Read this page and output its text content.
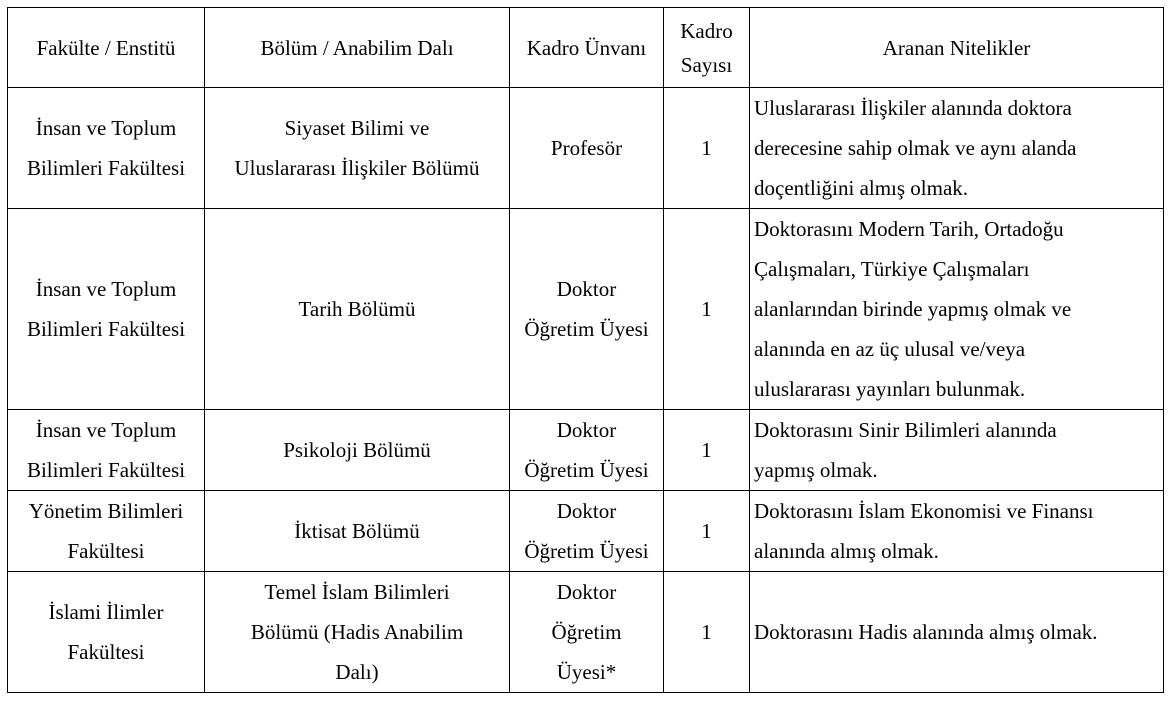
Fakülte / Enstitü	Bölüm / Anabilim Dalı	Kadro Ünvanı	Kadro
Sayısı	Aranan Nitelikler

İnsan ve Toplum
Bilimleri Fakültesi	Siyaset Bilimi ve
Uluslararası İlişkiler Bölümü	Profesör	1	Uluslararası İlişkiler alanında doktora
derecesine sahip olmak ve aynı alanda
doçentliğini almış olmak.

İnsan ve Toplum
Bilimleri Fakültesi	Tarih Bölümü	Doktor
Öğretim Üyesi	1	Doktorasını Modern Tarih, Ortadoğu
Çalışmaları, Türkiye Çalışmaları
alanlarından birinde yapmış olmak ve
alanında en az üç ulusal ve/veya
uluslararası yayınları bulunmak.

İnsan ve Toplum
Bilimleri Fakültesi	Psikoloji Bölümü	Doktor
Öğretim Üyesi	1	Doktorasını Sinir Bilimleri alanında
yapmış olmak.

Yönetim Bilimleri
Fakültesi	İktisat Bölümü	Doktor
Öğretim Üyesi	1	Doktorasını İslam Ekonomisi ve Finansı
alanında almış olmak.

İslami İlimler
Fakültesi	Temel İslam Bilimleri
Bölümü (Hadis Anabilim
Dalı)	Doktor
Öğretim
Üyesi*	1	Doktorasını Hadis alanında almış olmak.
